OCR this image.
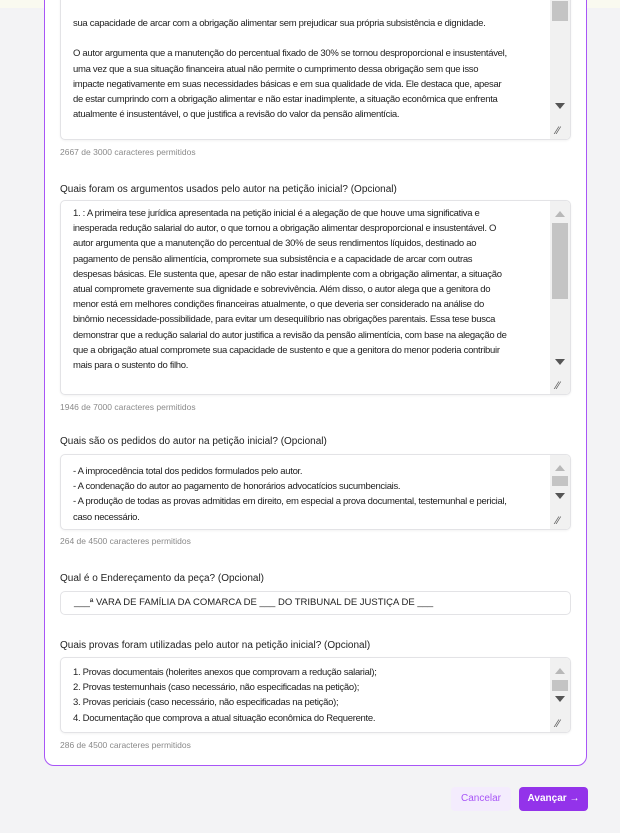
sua capacidade de arcar com a obrigação alimentar sem prejudicar sua própria subsistência e dignidade.
O autor argumenta que a manutenção do percentual fixado de 30% se tornou desproporcional e insustentável,
uma vez que a sua situação financeira atual não permite o cumprimento dessa obrigação sem que isso
impacte negativamente em suas necessidades básicas e em sua qualidade de vida. Ele destaca que, apesar
de estar cumprindo com a obrigação alimentar e não estar inadimplente, a situação econômica que enfrenta
atualmente é insustentável, o que justifica a revisão do valor da pensão alimentícia.
⁄⁄
2667 de 3000 caracteres permitidos
Quais foram os argumentos usados pelo autor na petição inicial? (Opcional)
1. : A primeira tese jurídica apresentada na petição inicial é a alegação de que houve uma significativa e
inesperada redução salarial do autor, o que tornou a obrigação alimentar desproporcional e insustentável. O
autor argumenta que a manutenção do percentual de 30% de seus rendimentos líquidos, destinado ao
pagamento de pensão alimentícia, compromete sua subsistência e a capacidade de arcar com outras
despesas básicas. Ele sustenta que, apesar de não estar inadimplente com a obrigação alimentar, a situação
atual compromete gravemente sua dignidade e sobrevivência. Além disso, o autor alega que a genitora do
menor está em melhores condições financeiras atualmente, o que deveria ser considerado na análise do
binômio necessidade-possibilidade, para evitar um desequilíbrio nas obrigações parentais. Essa tese busca
demonstrar que a redução salarial do autor justifica a revisão da pensão alimentícia, com base na alegação de
que a obrigação atual compromete sua capacidade de sustento e que a genitora do menor poderia contribuir
mais para o sustento do filho.
⁄⁄
1946 de 7000 caracteres permitidos
Quais são os pedidos do autor na petição inicial? (Opcional)
- A improcedência total dos pedidos formulados pelo autor.
- A condenação do autor ao pagamento de honorários advocatícios sucumbenciais.
- A produção de todas as provas admitidas em direito, em especial a prova documental, testemunhal e pericial,
caso necessário.	⁄⁄
264 de 4500 caracteres permitidos
Qual é o Endereçamento da peça? (Opcional)
___ª VARA DE FAMÍLIA DA COMARCA DE ___ DO TRIBUNAL DE JUSTIÇA DE ___
Quais provas foram utilizadas pelo autor na petição inicial? (Opcional)
1. Provas documentais (holerites anexos que comprovam a redução salarial);
2. Provas testemunhais (caso necessário, não especificadas na petição);
3. Provas periciais (caso necessário, não especificadas na petição);
4. Documentação que comprova a atual situação econômica do Requerente.	⁄⁄
286 de 4500 caracteres permitidos
Cancelar	Avançar →
